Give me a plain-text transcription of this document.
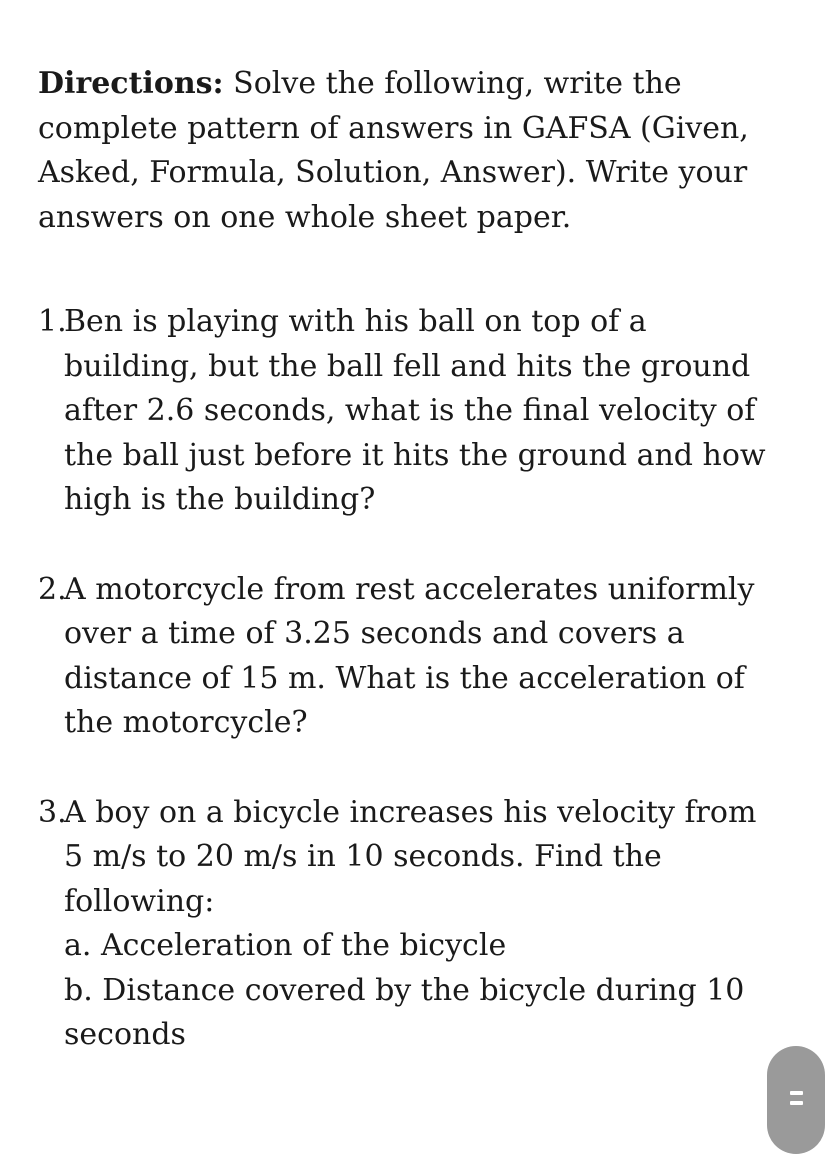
Directions: Solve the following, write the complete pattern of answers in GAFSA (Given, Asked, Formula, Solution, Answer). Write your answers on one whole sheet paper.

1.
Ben is playing with his ball on top of a building, but the ball fell and hits the ground after 2.6 seconds, what is the final velocity of the ball just before it hits the ground and how high is the building?
2.
A motorcycle from rest accelerates uniformly over a time of 3.25 seconds and covers a distance of 15 m. What is the acceleration of the motorcycle?
3.
A boy on a bicycle increases his velocity from 5 m/s to 20 m/s in 10 seconds. Find the following:

a. Acceleration of the bicycle

b. Distance covered by the bicycle during 10 seconds
